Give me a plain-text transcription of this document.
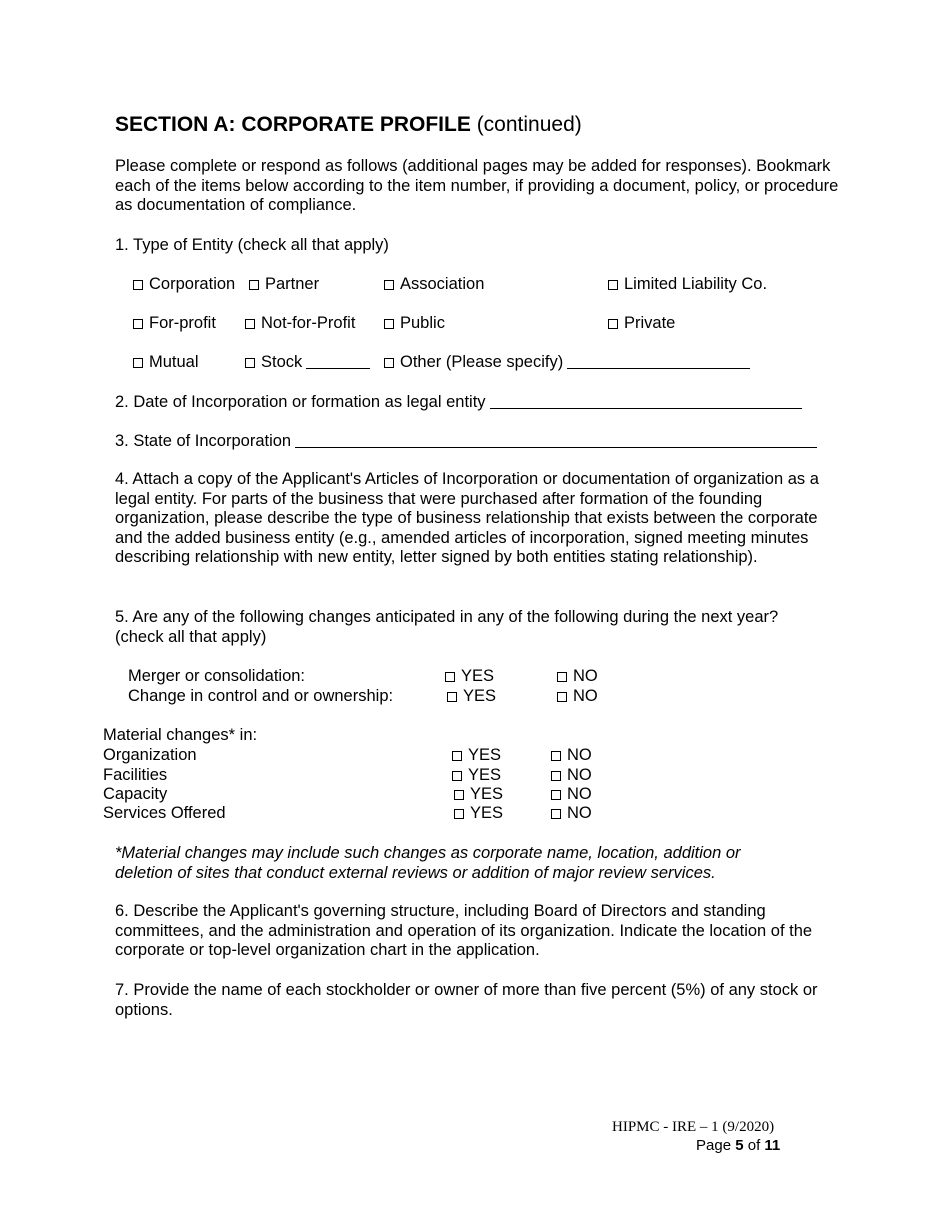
SECTION A: CORPORATE PROFILE (continued)
Please complete or respond as follows (additional pages may be added for responses). Bookmark each of the items below according to the item number, if providing a document, policy, or procedure as documentation of compliance.
1. Type of Entity (check all that apply)
Corporation	Partner	Association	Limited Liability Co.
For-profit	Not-for-Profit	Public	Private
Mutual	Stock	Other (Please specify)
2. Date of Incorporation or formation as legal entity
3. State of Incorporation
4. Attach a copy of the Applicant's Articles of Incorporation or documentation of organization as a legal entity. For parts of the business that were purchased after formation of the founding organization, please describe the type of business relationship that exists between the corporate and the added business entity (e.g., amended articles of incorporation, signed meeting minutes describing relationship with new entity, letter signed by both entities stating relationship).
5. Are any of the following changes anticipated in any of the following during the next year? (check all that apply)
Merger or consolidation:	YES	NO
Change in control and or ownership:	YES	NO
Material changes* in:
Organization	YES	NO
Facilities	YES	NO
Capacity	YES	NO
Services Offered	YES	NO
*Material changes may include such changes as corporate name, location, addition or deletion of sites that conduct external reviews or addition of major review services.
6. Describe the Applicant's governing structure, including Board of Directors and standing committees, and the administration and operation of its organization. Indicate the location of the corporate or top-level organization chart in the application.
7. Provide the name of each stockholder or owner of more than five percent (5%) of any stock or options.
HIPMC - IRE – 1 (9/2020)
Page 5 of 11
